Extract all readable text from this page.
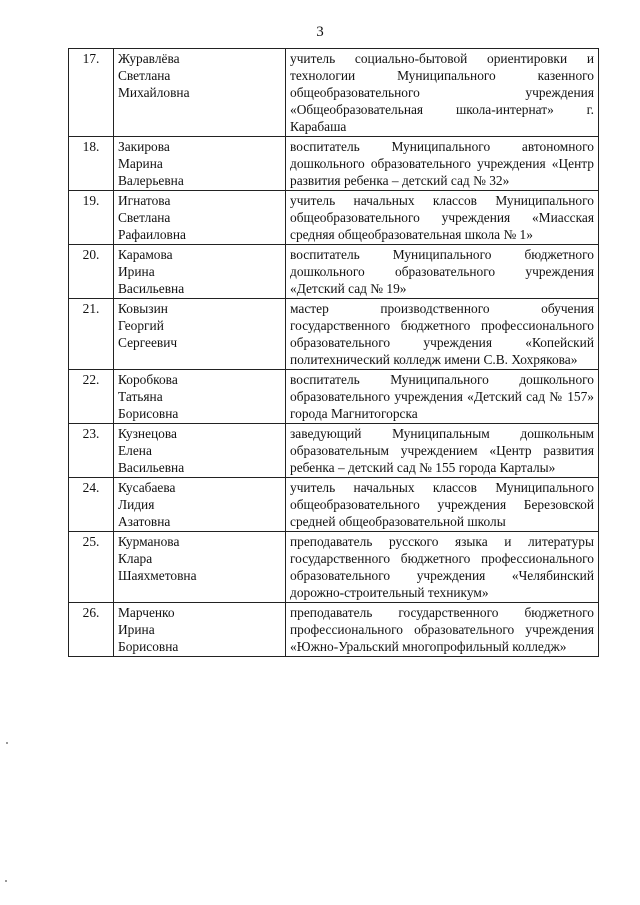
3
17.	Журавлёва
Светлана
Михайловна	учитель социально-бытовой ориентировки и технологии Муниципального казенного общеобразовательного учреждения «Общеобразовательная школа-интернат» г. Карабаша
18.	Закирова
Марина
Валерьевна	воспитатель Муниципального автономного дошкольного образовательного учреждения «Центр развития ребенка – детский сад № 32»
19.	Игнатова
Светлана
Рафаиловна	учитель начальных классов Муниципального общеобразовательного учреждения «Миасская средняя общеобразовательная школа № 1»
20.	Карамова
Ирина
Васильевна	воспитатель Муниципального бюджетного дошкольного образовательного учреждения «Детский сад № 19»
21.	Ковызин
Георгий
Сергеевич	мастер производственного обучения государственного бюджетного профессионального образовательного учреждения «Копейский политехнический колледж имени С.В. Хохрякова»
22.	Коробкова
Татьяна
Борисовна	воспитатель Муниципального дошкольного образовательного учреждения «Детский сад № 157» города Магнитогорска
23.	Кузнецова
Елена
Васильевна	заведующий Муниципальным дошкольным образовательным учреждением «Центр развития ребенка – детский сад № 155 города Карталы»
24.	Кусабаева
Лидия
Азатовна	учитель начальных классов Муниципального общеобразовательного учреждения Березовской средней общеобразовательной школы
25.	Курманова
Клара
Шаяхметовна	преподаватель русского языка и литературы государственного бюджетного профессионального образовательного учреждения «Челябинский дорожно-строительный техникум»
26.	Марченко
Ирина
Борисовна	преподаватель государственного бюджетного профессионального образовательного учреждения «Южно-Уральский многопрофильный колледж»
